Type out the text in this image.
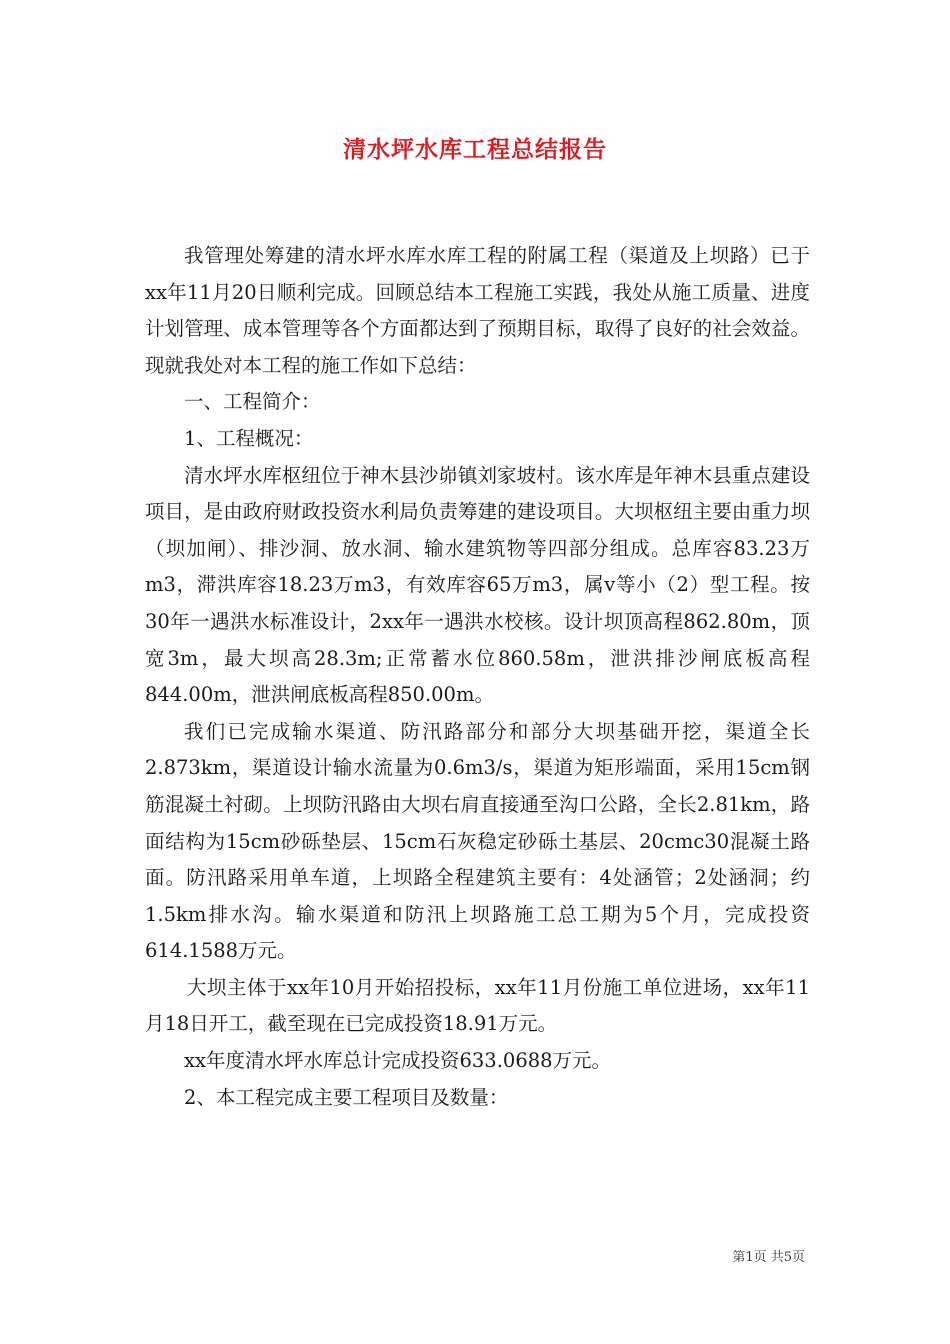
清水坪水库工程总结报告

我管理处筹建的清水坪水库水库工程的附属工程（渠道及上坝路）已于xx年11月20日顺利完成。回顾总结本工程施工实践，我处从施工质量、进度计划管理、成本管理等各个方面都达到了预期目标，取得了良好的社会效益。现就我处对本工程的施工作如下总结：

一、工程简介：

1、工程概况：

清水坪水库枢纽位于神木县沙峁镇刘家坡村。该水库是年神木县重点建设项目，是由政府财政投资水利局负责筹建的建设项目。大坝枢纽主要由重力坝（坝加闸）、排沙洞、放水洞、输水建筑物等四部分组成。总库容83.23万m3，滞洪库容18.23万m3，有效库容65万m3，属v等小（2）型工程。按30年一遇洪水标准设计，2xx年一遇洪水校核。设计坝顶高程862.80m，顶宽3m，最大坝高28.3m;正常蓄水位860.58m，泄洪排沙闸底板高程844.00m，泄洪闸底板高程850.00m。

我们已完成输水渠道、防汛路部分和部分大坝基础开挖，渠道全长2.873km，渠道设计输水流量为0.6m3/s，渠道为矩形端面，采用15cm钢筋混凝土衬砌。上坝防汛路由大坝右肩直接通至沟口公路，全长2.81km，路面结构为15cm砂砾垫层、15cm石灰稳定砂砾土基层、20cmc30混凝土路面。防汛路采用单车道，上坝路全程建筑主要有：4处涵管；2处涵洞；约1.5km排水沟。输水渠道和防汛上坝路施工总工期为5个月，完成投资614.1588万元。

大坝主体于xx年10月开始招投标，xx年11月份施工单位进场，xx年11月18日开工，截至现在已完成投资18.91万元。

xx年度清水坪水库总计完成投资633.0688万元。

2、本工程完成主要工程项目及数量：

第1页 共5页
